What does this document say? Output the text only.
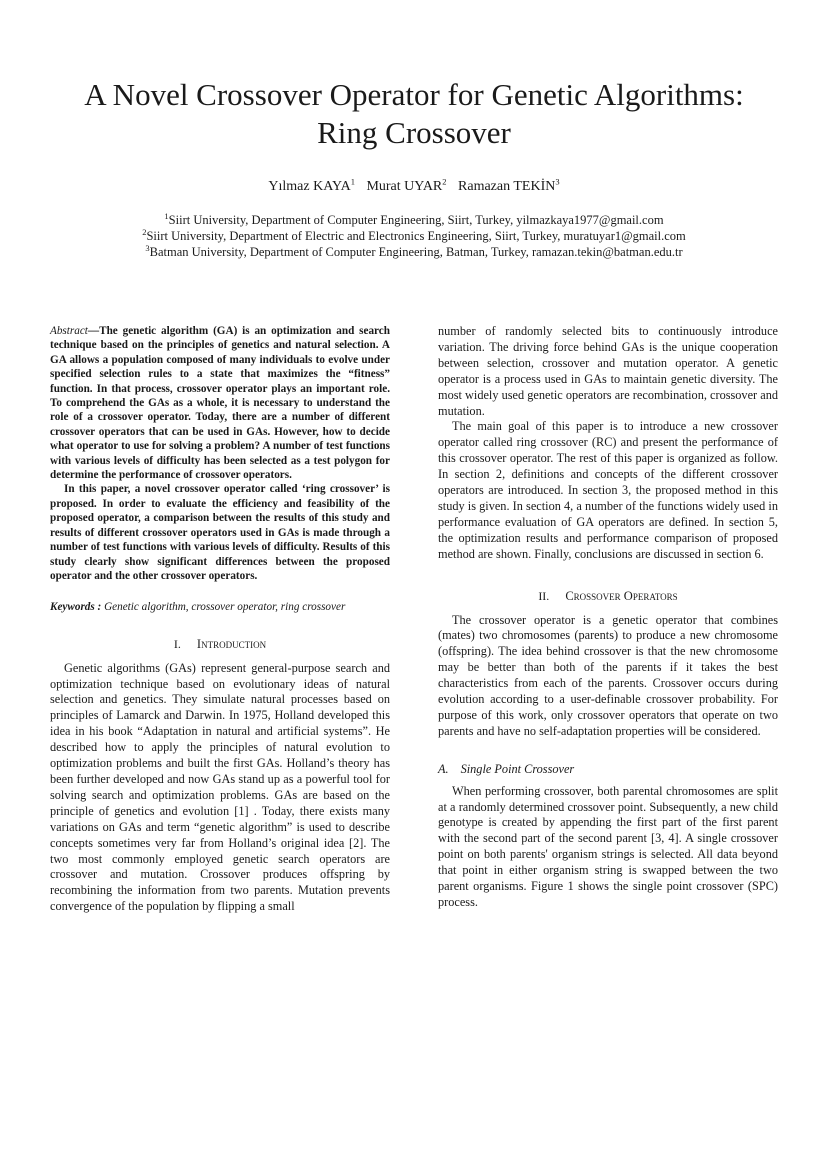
A Novel Crossover Operator for Genetic Algorithms:
Ring Crossover
Yılmaz KAYA$^1$ Murat UYAR$^2$ Ramazan TEKİN$^3$
$^1$Siirt University, Department of Computer Engineering, Siirt, Turkey, yilmazkaya1977@gmail.com
$^2$Siirt University, Department of Electric and Electronics Engineering, Siirt, Turkey, muratuyar1@gmail.com
$^3$Batman University, Department of Computer Engineering, Batman, Turkey, ramazan.tekin@batman.edu.tr

Abstract—The genetic algorithm (GA) is an optimization and search technique based on the principles of genetics and natural selection. A GA allows a population composed of many individuals to evolve under specified selection rules to a state that maximizes the “fitness” function. In that process, crossover operator plays an important role. To comprehend the GAs as a whole, it is necessary to understand the role of a crossover operator. Today, there are a number of different crossover operators that can be used in GAs. However, how to decide what operator to use for solving a problem? A number of test functions with various levels of difficulty has been selected as a test polygon for determine the performance of crossover operators.

In this paper, a novel crossover operator called ‘ring crossover’ is proposed. In order to evaluate the efficiency and feasibility of the proposed operator, a comparison between the results of this study and results of different crossover operators used in GAs is made through a number of test functions with various levels of difficulty. Results of this study clearly show significant differences between the proposed operator and the other crossover operators.

Keywords : Genetic algorithm, crossover operator, ring crossover

I. Introduction

Genetic algorithms (GAs) represent general-purpose search and optimization technique based on evolutionary ideas of natural selection and genetics. They simulate natural processes based on principles of Lamarck and Darwin. In 1975, Holland developed this idea in his book “Adaptation in natural and artificial systems”. He described how to apply the principles of natural evolution to optimization problems and built the first GAs. Holland’s theory has been further developed and now GAs stand up as a powerful tool for solving search and optimization problems. GAs are based on the principle of genetics and evolution [1] . Today, there exists many variations on GAs and term “genetic algorithm” is used to describe concepts sometimes very far from Holland’s original idea [2]. The two most commonly employed genetic search operators are crossover and mutation. Crossover produces offspring by recombining the information from two parents. Mutation prevents convergence of the population by flipping a small

number of randomly selected bits to continuously introduce variation. The driving force behind GAs is the unique cooperation between selection, crossover and mutation operator. A genetic operator is a process used in GAs to maintain genetic diversity. The most widely used genetic operators are recombination, crossover and mutation.

The main goal of this paper is to introduce a new crossover operator called ring crossover (RC) and present the performance of this crossover operator. The rest of this paper is organized as follow. In section 2, definitions and concepts of the different crossover operators are introduced. In section 3, the proposed method in this study is given. In section 4, a number of the functions widely used in performance evaluation of GA operators are defined. In section 5, the optimization results and performance comparison of proposed method are shown. Finally, conclusions are discussed in section 6.

II. Crossover Operators

The crossover operator is a genetic operator that combines (mates) two chromosomes (parents) to produce a new chromosome (offspring). The idea behind crossover is that the new chromosome may be better than both of the parents if it takes the best characteristics from each of the parents. Crossover occurs during evolution according to a user-definable crossover probability. For purpose of this work, only crossover operators that operate on two parents and have no self-adaptation properties will be considered.

A. Single Point Crossover

When performing crossover, both parental chromosomes are split at a randomly determined crossover point. Subsequently, a new child genotype is created by appending the first part of the first parent with the second part of the second parent [3, 4]. A single crossover point on both parents' organism strings is selected. All data beyond that point in either organism string is swapped between the two parent organisms. Figure 1 shows the single point crossover (SPC) process.
